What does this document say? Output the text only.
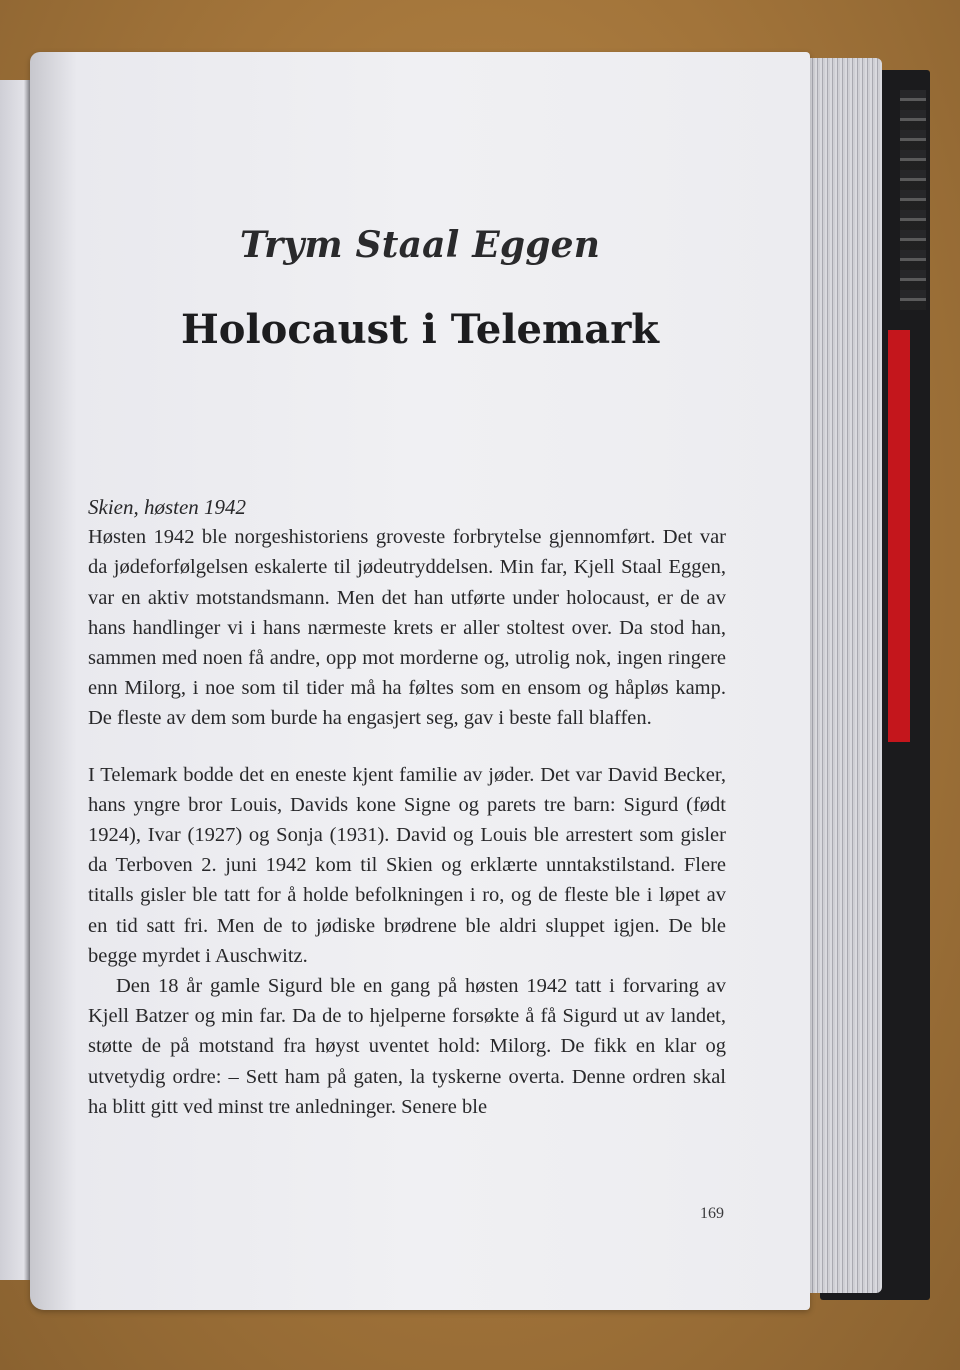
Trym Staal Eggen
Holocaust i Telemark

Skien, høsten 1942

Høsten 1942 ble norgeshistoriens groveste forbrytelse gjennomført. Det var da jødeforfølgelsen eskalerte til jødeutryddelsen. Min far, Kjell Staal Eggen, var en aktiv motstandsmann. Men det han utførte under holocaust, er de av hans handlinger vi i hans nærmeste krets er aller stoltest over. Da stod han, sammen med noen få andre, opp mot morderne og, utrolig nok, ingen ringere enn Milorg, i noe som til tider må ha føltes som en ensom og håpløs kamp. De fleste av dem som burde ha engasjert seg, gav i beste fall blaffen.

I Telemark bodde det en eneste kjent familie av jøder. Det var David Becker, hans yngre bror Louis, Davids kone Signe og parets tre barn: Sigurd (født 1924), Ivar (1927) og Sonja (1931). David og Louis ble arrestert som gisler da Terboven 2. juni 1942 kom til Skien og erklærte unntakstilstand. Flere titalls gisler ble tatt for å holde befolkningen i ro, og de fleste ble i løpet av en tid satt fri. Men de to jødiske brødrene ble aldri sluppet igjen. De ble begge myrdet i Auschwitz.

Den 18 år gamle Sigurd ble en gang på høsten 1942 tatt i forvaring av Kjell Batzer og min far. Da de to hjelperne forsøkte å få Sigurd ut av landet, støtte de på motstand fra høyst uventet hold: Milorg. De fikk en klar og utvetydig ordre: – Sett ham på gaten, la tyskerne overta. Denne ordren skal ha blitt gitt ved minst tre anledninger. Senere ble

169
